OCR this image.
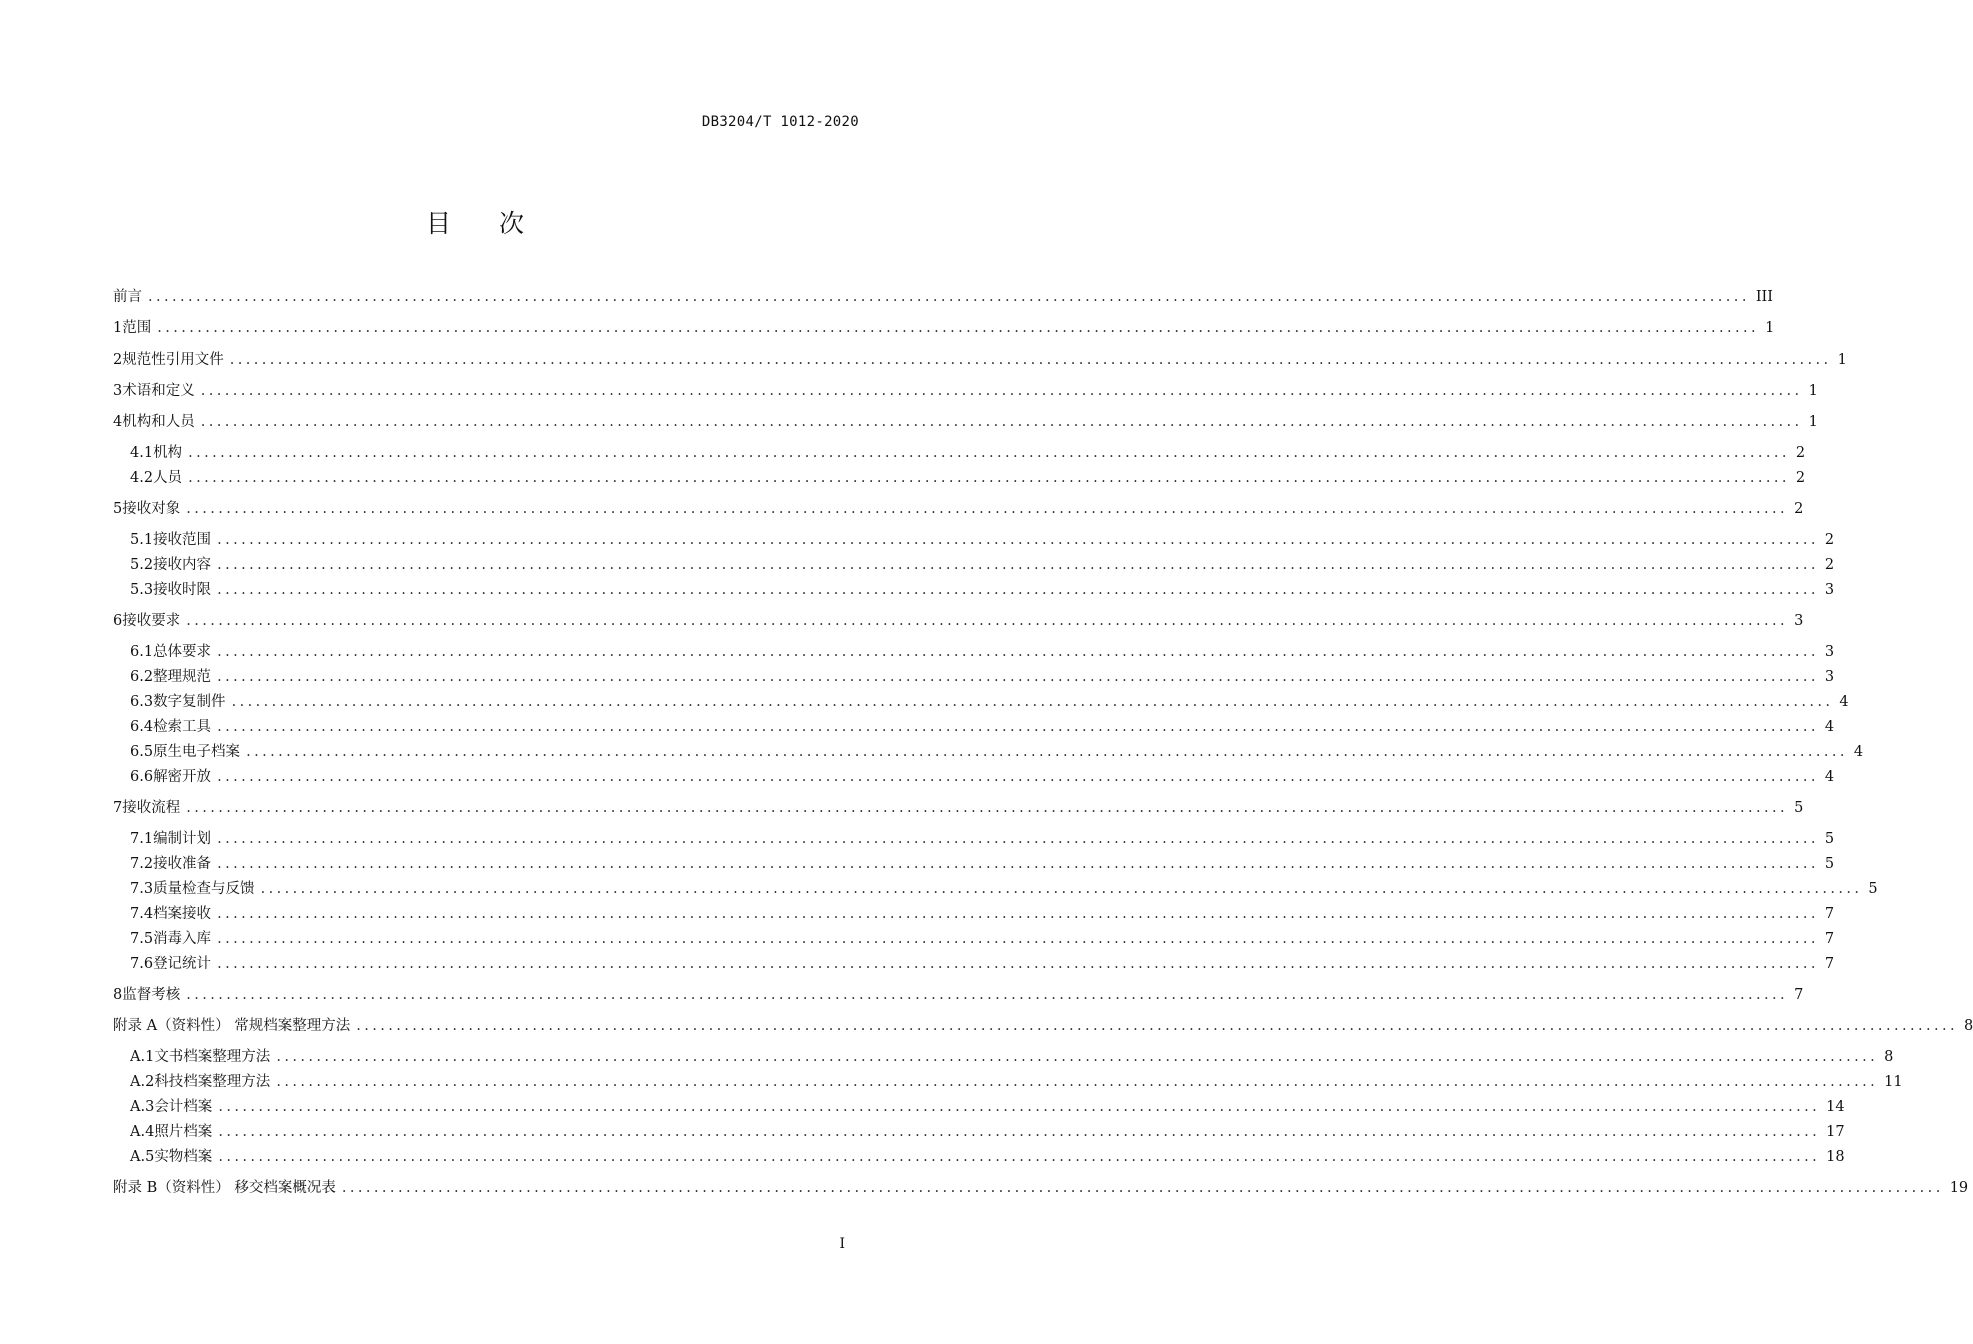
DB3204/T 1012-2020
目 次
前言 ........................................................................................................................................................................................................ III
1 范围 ........................................................................................................................................................................................................ 1
2 规范性引用文件 ........................................................................................................................................................................................................ 1
3 术语和定义 ........................................................................................................................................................................................................ 1
4 机构和人员 ........................................................................................................................................................................................................ 1
4.1 机构 ........................................................................................................................................................................................................ 2
4.2 人员 ........................................................................................................................................................................................................ 2
5 接收对象 ........................................................................................................................................................................................................ 2
5.1 接收范围 ........................................................................................................................................................................................................ 2
5.2 接收内容 ........................................................................................................................................................................................................ 2
5.3 接收时限 ........................................................................................................................................................................................................ 3
6 接收要求 ........................................................................................................................................................................................................ 3
6.1 总体要求 ........................................................................................................................................................................................................ 3
6.2 整理规范 ........................................................................................................................................................................................................ 3
6.3 数字复制件 ........................................................................................................................................................................................................ 4
6.4 检索工具 ........................................................................................................................................................................................................ 4
6.5 原生电子档案 ........................................................................................................................................................................................................ 4
6.6 解密开放 ........................................................................................................................................................................................................ 4
7 接收流程 ........................................................................................................................................................................................................ 5
7.1 编制计划 ........................................................................................................................................................................................................ 5
7.2 接收准备 ........................................................................................................................................................................................................ 5
7.3 质量检查与反馈 ........................................................................................................................................................................................................ 5
7.4 档案接收 ........................................................................................................................................................................................................ 7
7.5 消毒入库 ........................................................................................................................................................................................................ 7
7.6 登记统计 ........................................................................................................................................................................................................ 7
8 监督考核 ........................................................................................................................................................................................................ 7
附录 A（资料性） 常规档案整理方法 ........................................................................................................................................................................................................ 8
A.1 文书档案整理方法 ........................................................................................................................................................................................................ 8
A.2 科技档案整理方法 ........................................................................................................................................................................................................ 11
A.3 会计档案 ........................................................................................................................................................................................................ 14
A.4 照片档案 ........................................................................................................................................................................................................ 17
A.5 实物档案 ........................................................................................................................................................................................................ 18
附录 B（资料性） 移交档案概况表 ........................................................................................................................................................................................................ 19
I
